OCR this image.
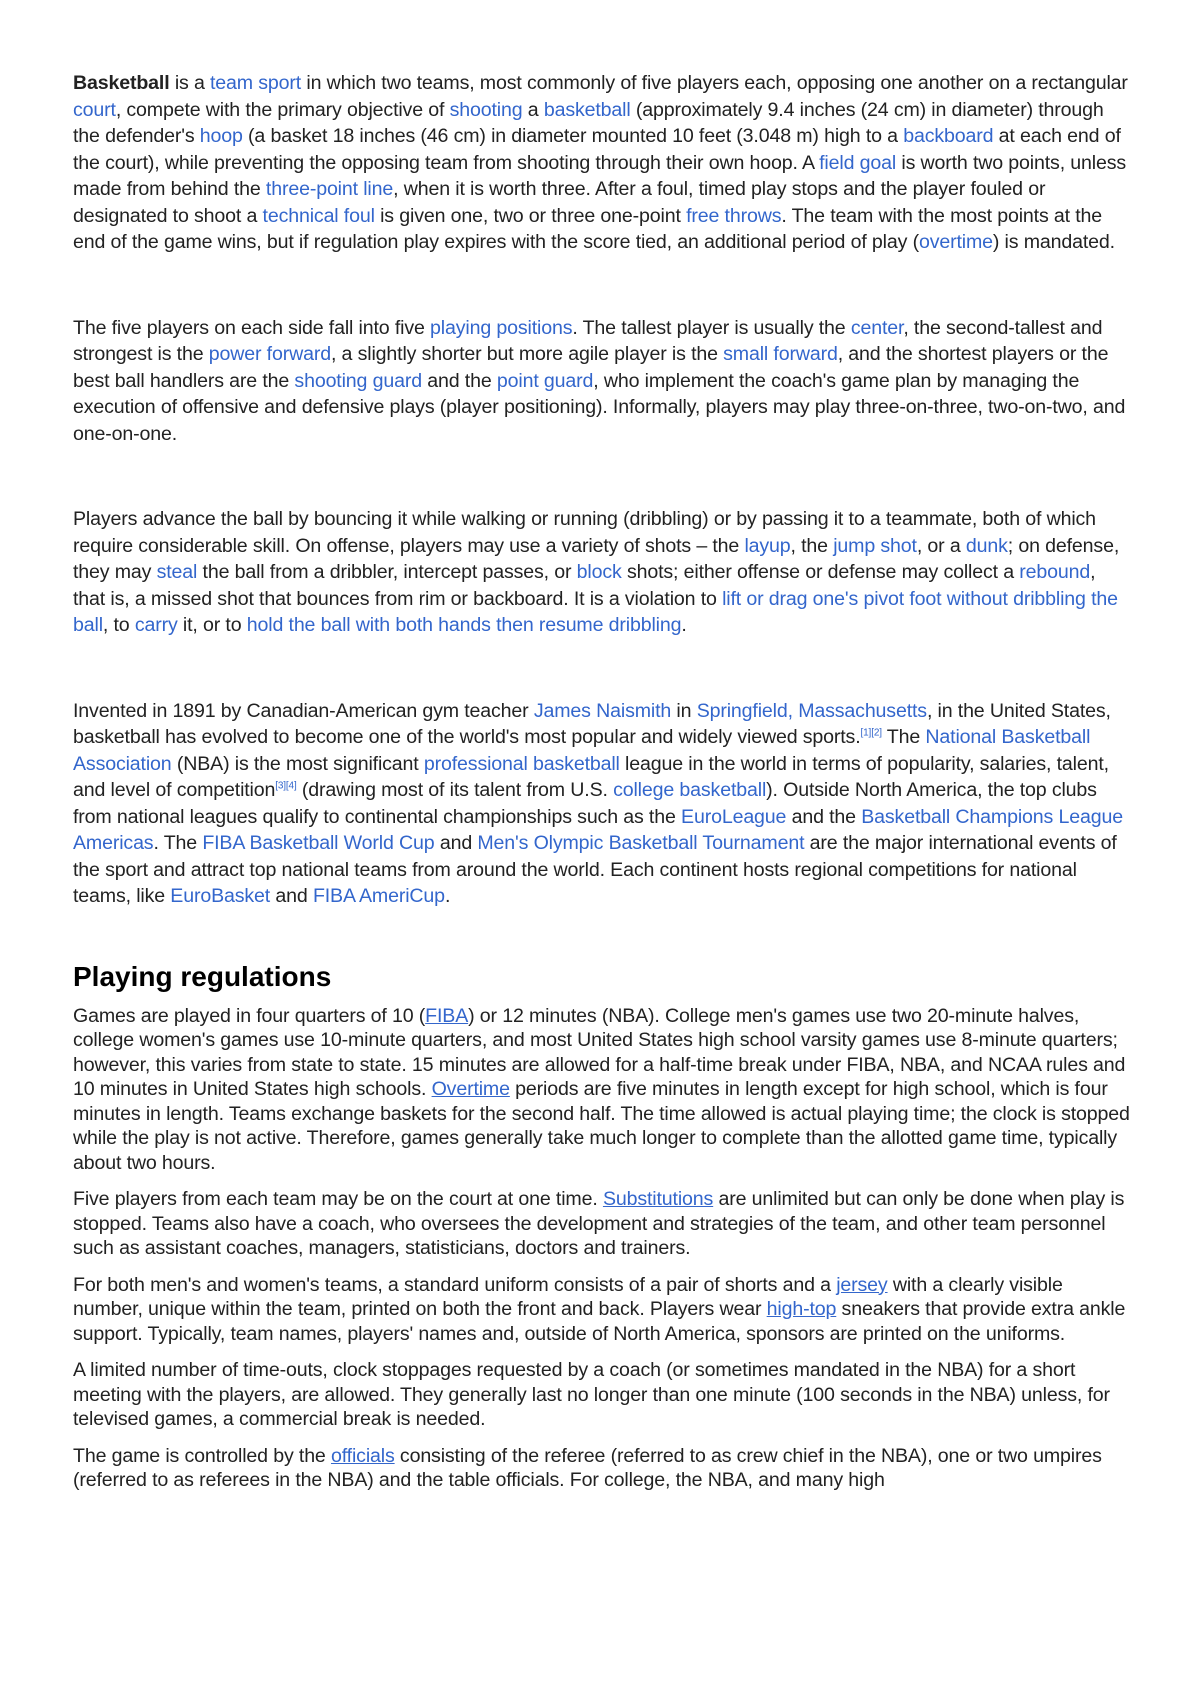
Basketball is a team sport in which two teams, most commonly of five players each, opposing one another on a rectangular court, compete with the primary objective of shooting a basketball (approximately 9.4 inches (24 cm) in diameter) through the defender's hoop (a basket 18 inches (46 cm) in diameter mounted 10 feet (3.048 m) high to a backboard at each end of the court), while preventing the opposing team from shooting through their own hoop. A field goal is worth two points, unless made from behind the three-point line, when it is worth three. After a foul, timed play stops and the player fouled or designated to shoot a technical foul is given one, two or three one-point free throws. The team with the most points at the end of the game wins, but if regulation play expires with the score tied, an additional period of play (overtime) is mandated.

The five players on each side fall into five playing positions. The tallest player is usually the center, the second-tallest and strongest is the power forward, a slightly shorter but more agile player is the small forward, and the shortest players or the best ball handlers are the shooting guard and the point guard, who implement the coach's game plan by managing the execution of offensive and defensive plays (player positioning). Informally, players may play three-on-three, two-on-two, and one-on-one.

Players advance the ball by bouncing it while walking or running (dribbling) or by passing it to a teammate, both of which require considerable skill. On offense, players may use a variety of shots – the layup, the jump shot, or a dunk; on defense, they may steal the ball from a dribbler, intercept passes, or block shots; either offense or defense may collect a rebound, that is, a missed shot that bounces from rim or backboard. It is a violation to lift or drag one's pivot foot without dribbling the ball, to carry it, or to hold the ball with both hands then resume dribbling.

Invented in 1891 by Canadian-American gym teacher James Naismith in Springfield, Massachusetts, in the United States, basketball has evolved to become one of the world's most popular and widely viewed sports.[1][2] The National Basketball Association (NBA) is the most significant professional basketball league in the world in terms of popularity, salaries, talent, and level of competition[3][4] (drawing most of its talent from U.S. college basketball). Outside North America, the top clubs from national leagues qualify to continental championships such as the EuroLeague and the Basketball Champions League Americas. The FIBA Basketball World Cup and Men's Olympic Basketball Tournament are the major international events of the sport and attract top national teams from around the world. Each continent hosts regional competitions for national teams, like EuroBasket and FIBA AmeriCup.

Playing regulations

Games are played in four quarters of 10 (FIBA) or 12 minutes (NBA). College men's games use two 20-minute halves, college women's games use 10-minute quarters, and most United States high school varsity games use 8-minute quarters; however, this varies from state to state. 15 minutes are allowed for a half-time break under FIBA, NBA, and NCAA rules and 10 minutes in United States high schools. Overtime periods are five minutes in length except for high school, which is four minutes in length. Teams exchange baskets for the second half. The time allowed is actual playing time; the clock is stopped while the play is not active. Therefore, games generally take much longer to complete than the allotted game time, typically about two hours.

Five players from each team may be on the court at one time. Substitutions are unlimited but can only be done when play is stopped. Teams also have a coach, who oversees the development and strategies of the team, and other team personnel such as assistant coaches, managers, statisticians, doctors and trainers.

For both men's and women's teams, a standard uniform consists of a pair of shorts and a jersey with a clearly visible number, unique within the team, printed on both the front and back. Players wear high-top sneakers that provide extra ankle support. Typically, team names, players' names and, outside of North America, sponsors are printed on the uniforms.

A limited number of time-outs, clock stoppages requested by a coach (or sometimes mandated in the NBA) for a short meeting with the players, are allowed. They generally last no longer than one minute (100 seconds in the NBA) unless, for televised games, a commercial break is needed.

The game is controlled by the officials consisting of the referee (referred to as crew chief in the NBA), one or two umpires (referred to as referees in the NBA) and the table officials. For college, the NBA, and many high
